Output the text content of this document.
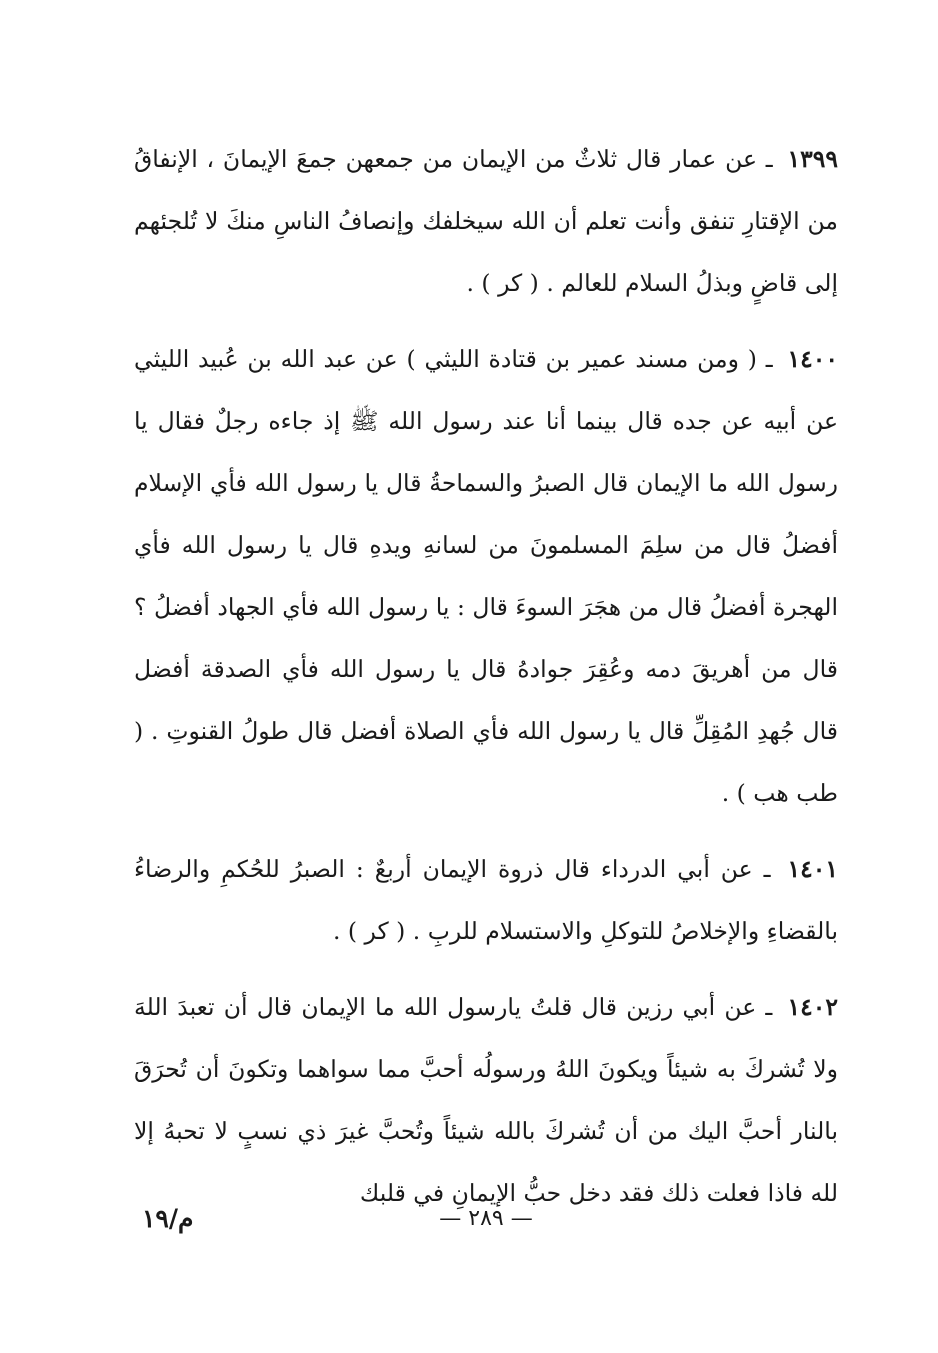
١٣٩٩ ـ عن عمار قال ثلاثٌ من الإيمان من جمعهن جمعَ الإيمانَ ، الإنفاقُ من الإقتارِ تنفق وأنت تعلم أن الله سيخلفك وإنصافُ الناسِ منكَ لا تُلجئهم إلى قاضٍ وبذلُ السلام للعالم . ( كر ) .

١٤٠٠ ـ ( ومن مسند عمير بن قتادة الليثي ) عن عبد الله بن عُبيد الليثي عن أبيه عن جده قال بينما أنا عند رسول الله ﷺ إذ جاءه رجلٌ فقال يا رسول الله ما الإيمان قال الصبرُ والسماحةُ قال يا رسول الله فأي الإسلام أفضلُ قال من سلِمَ المسلمونَ من لسانهِ ويدهِ قال يا رسول الله فأي الهجرة أفضلُ قال من هجَرَ السوءَ قال : يا رسول الله فأي الجهاد أفضلُ ؟ قال من أهريقَ دمه وعُقِرَ جوادهُ قال يا رسول الله فأي الصدقة أفضل قال جُهدِ المُقِلِّ قال يا رسول الله فأي الصلاة أفضل قال طولُ القنوتِ . ( طب هب ) .

١٤٠١ ـ عن أبي الدرداء قال ذروة الإيمان أربعٌ : الصبرُ للحُكمِ والرضاءُ بالقضاءِ والإخلاصُ للتوكلِ والاستسلام للربِ . ( كر ) .

١٤٠٢ ـ عن أبي رزين قال قلتُ يارسول الله ما الإيمان قال أن تعبدَ اللهَ ولا تُشركَ به شيئاً ويكونَ اللهُ ورسولُه أحبَّ مما سواهما وتكونَ أن تُحرَقَ بالنار أحبَّ اليك من أن تُشركَ بالله شيئاً وتُحبَّ غيرَ ذي نسبٍ لا تحبهُ إلا لله فاذا فعلت ذلك فقد دخل حبُّ الإيمانِ في قلبك

م/١٩	— ٢٨٩ —
